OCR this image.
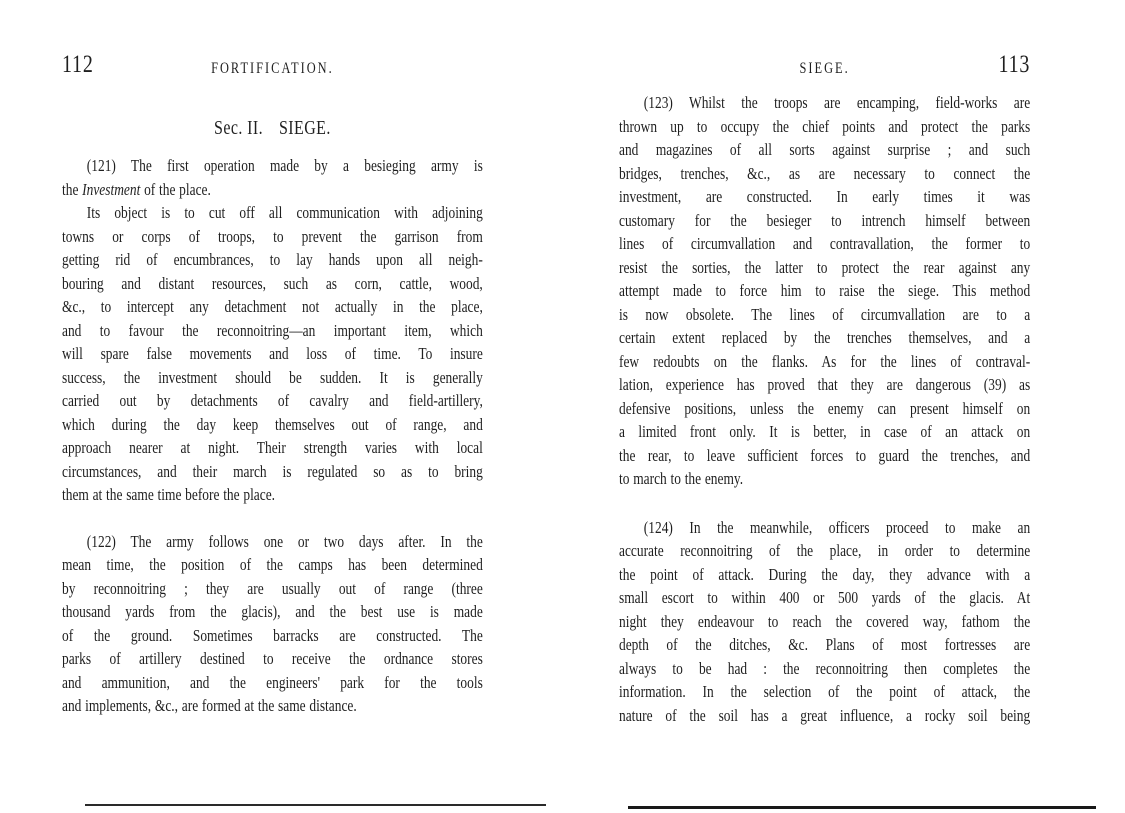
112	FORTIFICATION.
Sec. II. SIEGE.
(121) The first operation made by a besieging army is
the Investment of the place.
Its object is to cut off all communication with adjoining
towns or corps of troops, to prevent the garrison from
getting rid of encumbrances, to lay hands upon all neigh-
bouring and distant resources, such as corn, cattle, wood,
&c., to intercept any detachment not actually in the place,
and to favour the reconnoitring—an important item, which
will spare false movements and loss of time. To insure
success, the investment should be sudden. It is generally
carried out by detachments of cavalry and field-artillery,
which during the day keep themselves out of range, and
approach nearer at night. Their strength varies with local
circumstances, and their march is regulated so as to bring
them at the same time before the place.
(122) The army follows one or two days after. In the
mean time, the position of the camps has been determined
by reconnoitring ; they are usually out of range (three
thousand yards from the glacis), and the best use is made
of the ground. Sometimes barracks are constructed. The
parks of artillery destined to receive the ordnance stores
and ammunition, and the engineers' park for the tools
and implements, &c., are formed at the same distance.
SIEGE.	113
(123) Whilst the troops are encamping, field-works are
thrown up to occupy the chief points and protect the parks
and magazines of all sorts against surprise ; and such
bridges, trenches, &c., as are necessary to connect the
investment, are constructed. In early times it was
customary for the besieger to intrench himself between
lines of circumvallation and contravallation, the former to
resist the sorties, the latter to protect the rear against any
attempt made to force him to raise the siege. This method
is now obsolete. The lines of circumvallation are to a
certain extent replaced by the trenches themselves, and a
few redoubts on the flanks. As for the lines of contraval-
lation, experience has proved that they are dangerous (39) as
defensive positions, unless the enemy can present himself on
a limited front only. It is better, in case of an attack on
the rear, to leave sufficient forces to guard the trenches, and
to march to the enemy.
(124) In the meanwhile, officers proceed to make an
accurate reconnoitring of the place, in order to determine
the point of attack. During the day, they advance with a
small escort to within 400 or 500 yards of the glacis. At
night they endeavour to reach the covered way, fathom the
depth of the ditches, &c. Plans of most fortresses are
always to be had : the reconnoitring then completes the
information. In the selection of the point of attack, the
nature of the soil has a great influence, a rocky soil being
